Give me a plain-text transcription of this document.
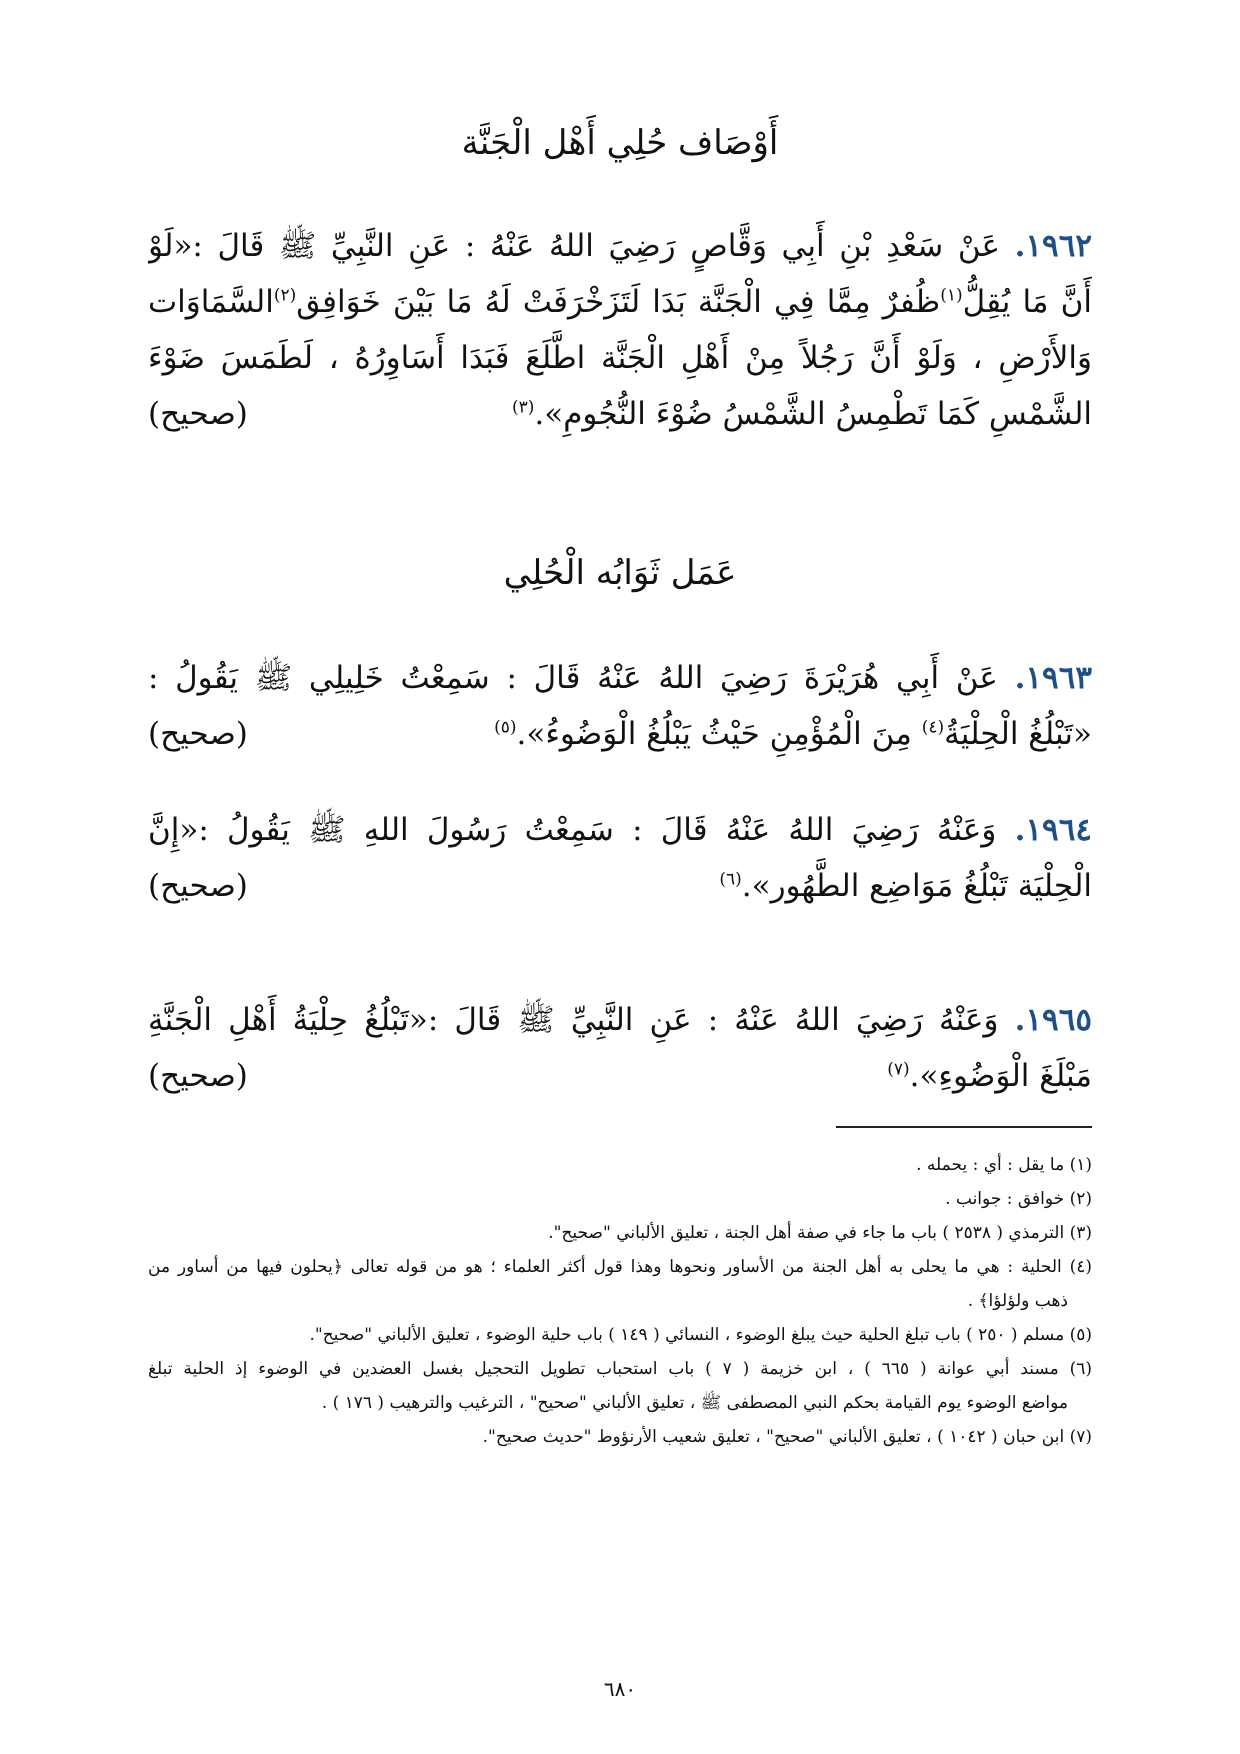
أَوْصَاف حُلِي أَهْل الْجَنَّة
١٩٦٢. عَنْ سَعْدِ بْنِ أَبِي وَقَّاصٍ رَضِيَ اللهُ عَنْهُ : عَنِ النَّبِيِّ ﷺ قَالَ :«لَوْ
أَنَّ مَا يُقِلُّ$^{(١)}$ظُفرٌ مِمَّا فِي الْجَنَّة بَدَا لَتَزَخْرَفَتْ لَهُ مَا بَيْنَ خَوَافِق$^{(٢)}$السَّمَاوَات
وَالأَرْضِ ، وَلَوْ أَنَّ رَجُلاً مِنْ أَهْلِ الْجَنَّة اطَّلَعَ فَبَدَا أَسَاوِرُهُ ، لَطَمَسَ ضَوْءَ
الشَّمْسِ كَمَا تَطْمِسُ الشَّمْسُ ضُوْءَ النُّجُومِ».$^{(٣)}$
(صحيح)
عَمَل ثَوَابُه الْحُلِي
١٩٦٣. عَنْ أَبِي هُرَيْرَةَ رَضِيَ اللهُ عَنْهُ قَالَ : سَمِعْتُ خَلِيلِي ﷺ يَقُولُ :
«تَبْلُغُ الْحِلْيَةُ$^{(٤)}$ مِنَ الْمُؤْمِنِ حَيْثُ يَبْلُغُ الْوَضُوءُ».$^{(٥)}$
(صحيح)
١٩٦٤. وَعَنْهُ رَضِيَ اللهُ عَنْهُ قَالَ : سَمِعْتُ رَسُولَ اللهِ ﷺ يَقُولُ :«إِنَّ
الْحِلْيَة تَبْلُغُ مَوَاضِع الطَّهُور».$^{(٦)}$
(صحيح)
١٩٦٥. وَعَنْهُ رَضِيَ اللهُ عَنْهُ : عَنِ النَّبِيِّ ﷺ قَالَ :«تَبْلُغُ حِلْيَةُ أَهْلِ الْجَنَّةِ
مَبْلَغَ الْوَضُوءِ».$^{(٧)}$
(صحيح)
(١) ما يقل : أي : يحمله .
(٢) خوافق : جوانب .
(٣) الترمذي ( ٢٥٣٨ ) باب ما جاء في صفة أهل الجنة ، تعليق الألباني "صحيح".
(٤) الحلية : هي ما يحلى به أهل الجنة من الأساور ونحوها وهذا قول أكثر العلماء ؛ هو من قوله تعالى ﴿يحلون فيها من أساور من
ذهب ولؤلؤا﴾ .
(٥) مسلم ( ٢٥٠ ) باب تبلغ الحلية حيث يبلغ الوضوء ، النسائي ( ١٤٩ ) باب حلية الوضوء ، تعليق الألباني "صحيح".
(٦) مسند أبي عوانة ( ٦٦٥ ) ، ابن خزيمة ( ٧ ) باب استحباب تطويل التحجيل بغسل العضدين في الوضوء إذ الحلية تبلغ
مواضع الوضوء يوم القيامة بحكم النبي المصطفى ﷺ ، تعليق الألباني "صحيح" ، الترغيب والترهيب ( ١٧٦ ) .
(٧) ابن حبان ( ١٠٤٢ ) ، تعليق الألباني "صحيح" ، تعليق شعيب الأرنؤوط "حديث صحيح".
٦٨٠
